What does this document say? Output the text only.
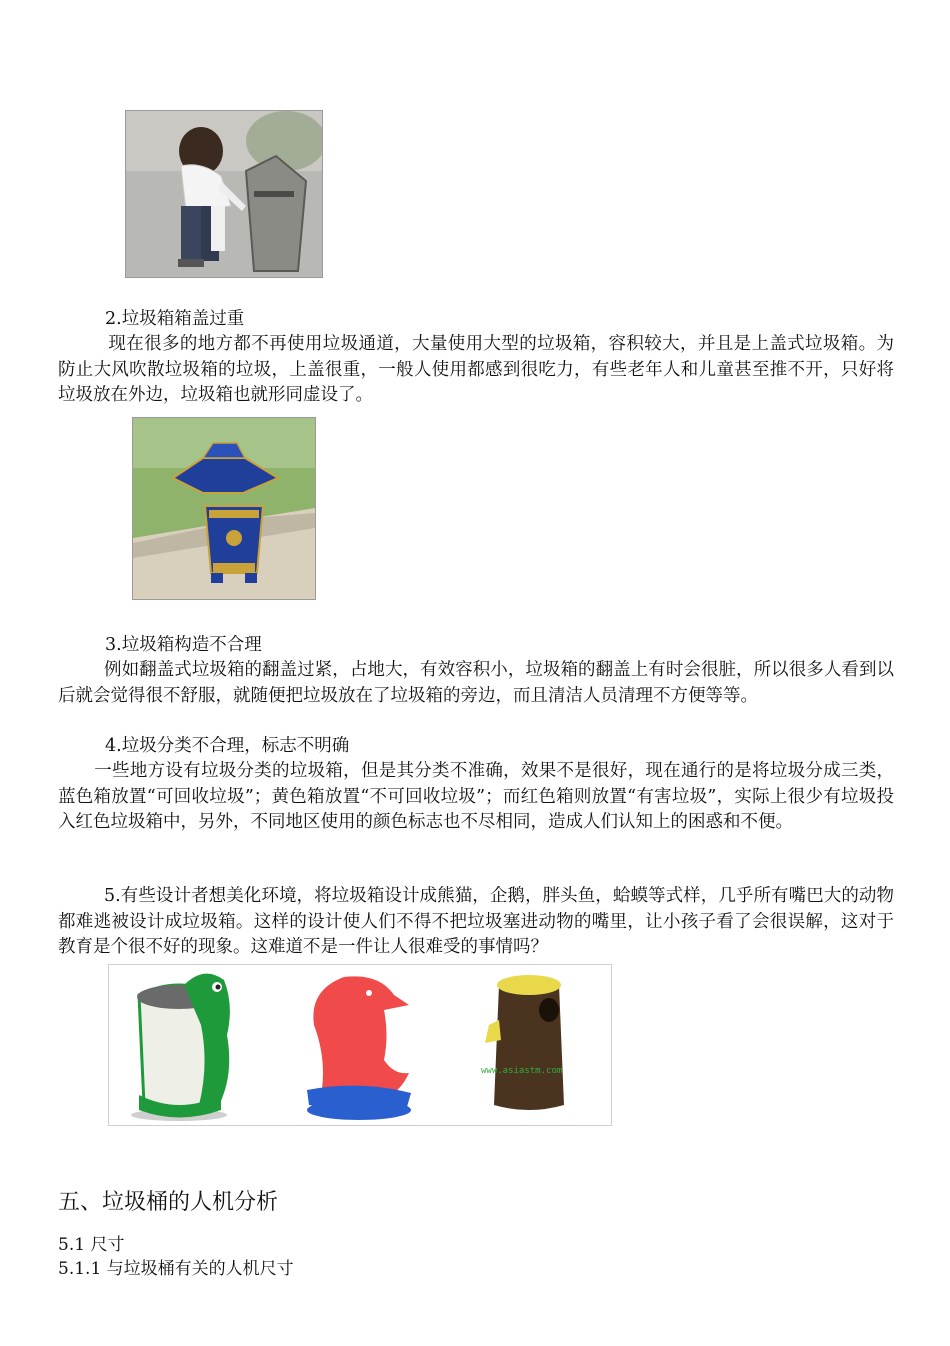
2.垃圾箱箱盖过重
现在很多的地方都不再使用垃圾通道，大量使用大型的垃圾箱，容积较大，并且是上盖式垃圾箱。为防止大风吹散垃圾箱的垃圾，上盖很重，一般人使用都感到很吃力，有些老年人和儿童甚至推不开，只好将垃圾放在外边，垃圾箱也就形同虚设了。
3.垃圾箱构造不合理
例如翻盖式垃圾箱的翻盖过紧，占地大，有效容积小，垃圾箱的翻盖上有时会很脏，所以很多人看到以后就会觉得很不舒服，就随便把垃圾放在了垃圾箱的旁边，而且清洁人员清理不方便等等。
4.垃圾分类不合理，标志不明确
一些地方设有垃圾分类的垃圾箱，但是其分类不准确，效果不是很好，现在通行的是将垃圾分成三类，蓝色箱放置“可回收垃圾”；黄色箱放置“不可回收垃圾”；而红色箱则放置“有害垃圾”，实际上很少有垃圾投入红色垃圾箱中，另外，不同地区使用的颜色标志也不尽相同，造成人们认知上的困惑和不便。
5.有些设计者想美化环境，将垃圾箱设计成熊猫，企鹅，胖头鱼，蛤蟆等式样，几乎所有嘴巴大的动物都难逃被设计成垃圾箱。这样的设计使人们不得不把垃圾塞进动物的嘴里，让小孩子看了会很误解，这对于教育是个很不好的现象。这难道不是一件让人很难受的事情吗？
www.asiastm.com
五、垃圾桶的人机分析
5.1 尺寸
5.1.1 与垃圾桶有关的人机尺寸
